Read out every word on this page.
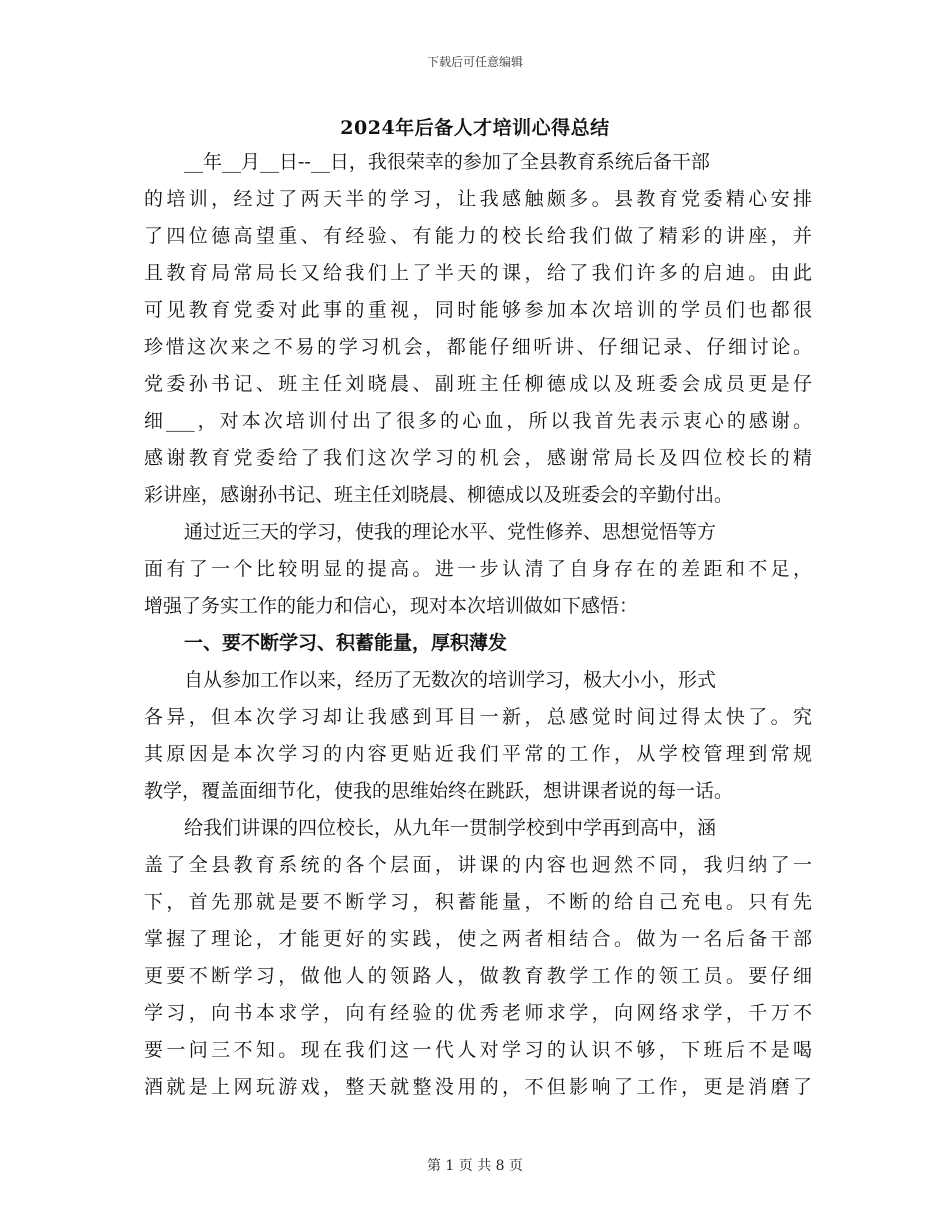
下载后可任意编辑
2024年后备人才培训心得总结
__年__月__日--__日，我很荣幸的参加了全县教育系统后备干部
的培训，经过了两天半的学习，让我感触颇多。县教育党委精心安排
了四位德高望重、有经验、有能力的校长给我们做了精彩的讲座，并
且教育局常局长又给我们上了半天的课，给了我们许多的启迪。由此
可见教育党委对此事的重视，同时能够参加本次培训的学员们也都很
珍惜这次来之不易的学习机会，都能仔细听讲、仔细记录、仔细讨论。
党委孙书记、班主任刘晓晨、副班主任柳德成以及班委会成员更是仔
细___，对本次培训付出了很多的心血，所以我首先表示衷心的感谢。
感谢教育党委给了我们这次学习的机会，感谢常局长及四位校长的精
彩讲座，感谢孙书记、班主任刘晓晨、柳德成以及班委会的辛勤付出。
通过近三天的学习，使我的理论水平、党性修养、思想觉悟等方
面有了一个比较明显的提高。进一步认清了自身存在的差距和不足，
增强了务实工作的能力和信心，现对本次培训做如下感悟：
一、要不断学习、积蓄能量，厚积薄发
自从参加工作以来，经历了无数次的培训学习，极大小小，形式
各异，但本次学习却让我感到耳目一新，总感觉时间过得太快了。究
其原因是本次学习的内容更贴近我们平常的工作，从学校管理到常规
教学，覆盖面细节化，使我的思维始终在跳跃，想讲课者说的每一话。
给我们讲课的四位校长，从九年一贯制学校到中学再到高中，涵
盖了全县教育系统的各个层面，讲课的内容也迥然不同，我归纳了一
下，首先那就是要不断学习，积蓄能量，不断的给自己充电。只有先
掌握了理论，才能更好的实践，使之两者相结合。做为一名后备干部
更要不断学习，做他人的领路人，做教育教学工作的领工员。要仔细
学习，向书本求学，向有经验的优秀老师求学，向网络求学，千万不
要一问三不知。现在我们这一代人对学习的认识不够，下班后不是喝
酒就是上网玩游戏，整天就整没用的，不但影响了工作，更是消磨了
第 1 页 共 8 页
